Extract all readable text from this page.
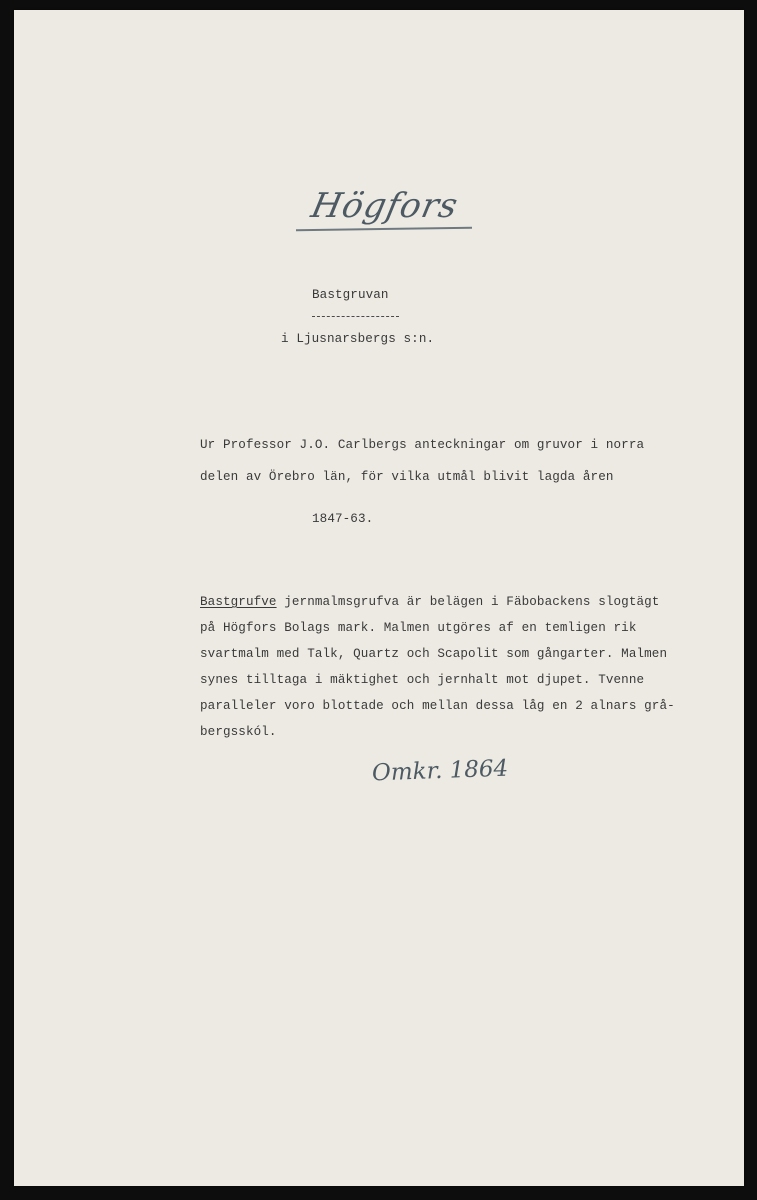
Högfors
Bastgruvan
i Ljusnarsbergs s:n.
Ur Professor J.O. Carlbergs anteckningar om gruvor i norra
delen av Örebro län, för vilka utmål blivit lagda åren
1847-63.
Bastgrufve jernmalmsgrufva är belägen i Fäbobackens slogtägt
på Högfors Bolags mark. Malmen utgöres af en temligen rik
svartmalm med Talk, Quartz och Scapolit som gångarter. Malmen
synes tilltaga i mäktighet och jernhalt mot djupet. Tvenne
paralleler voro blottade och mellan dessa låg en 2 alnars grå-
bergsskól.
Omkr. 1864
